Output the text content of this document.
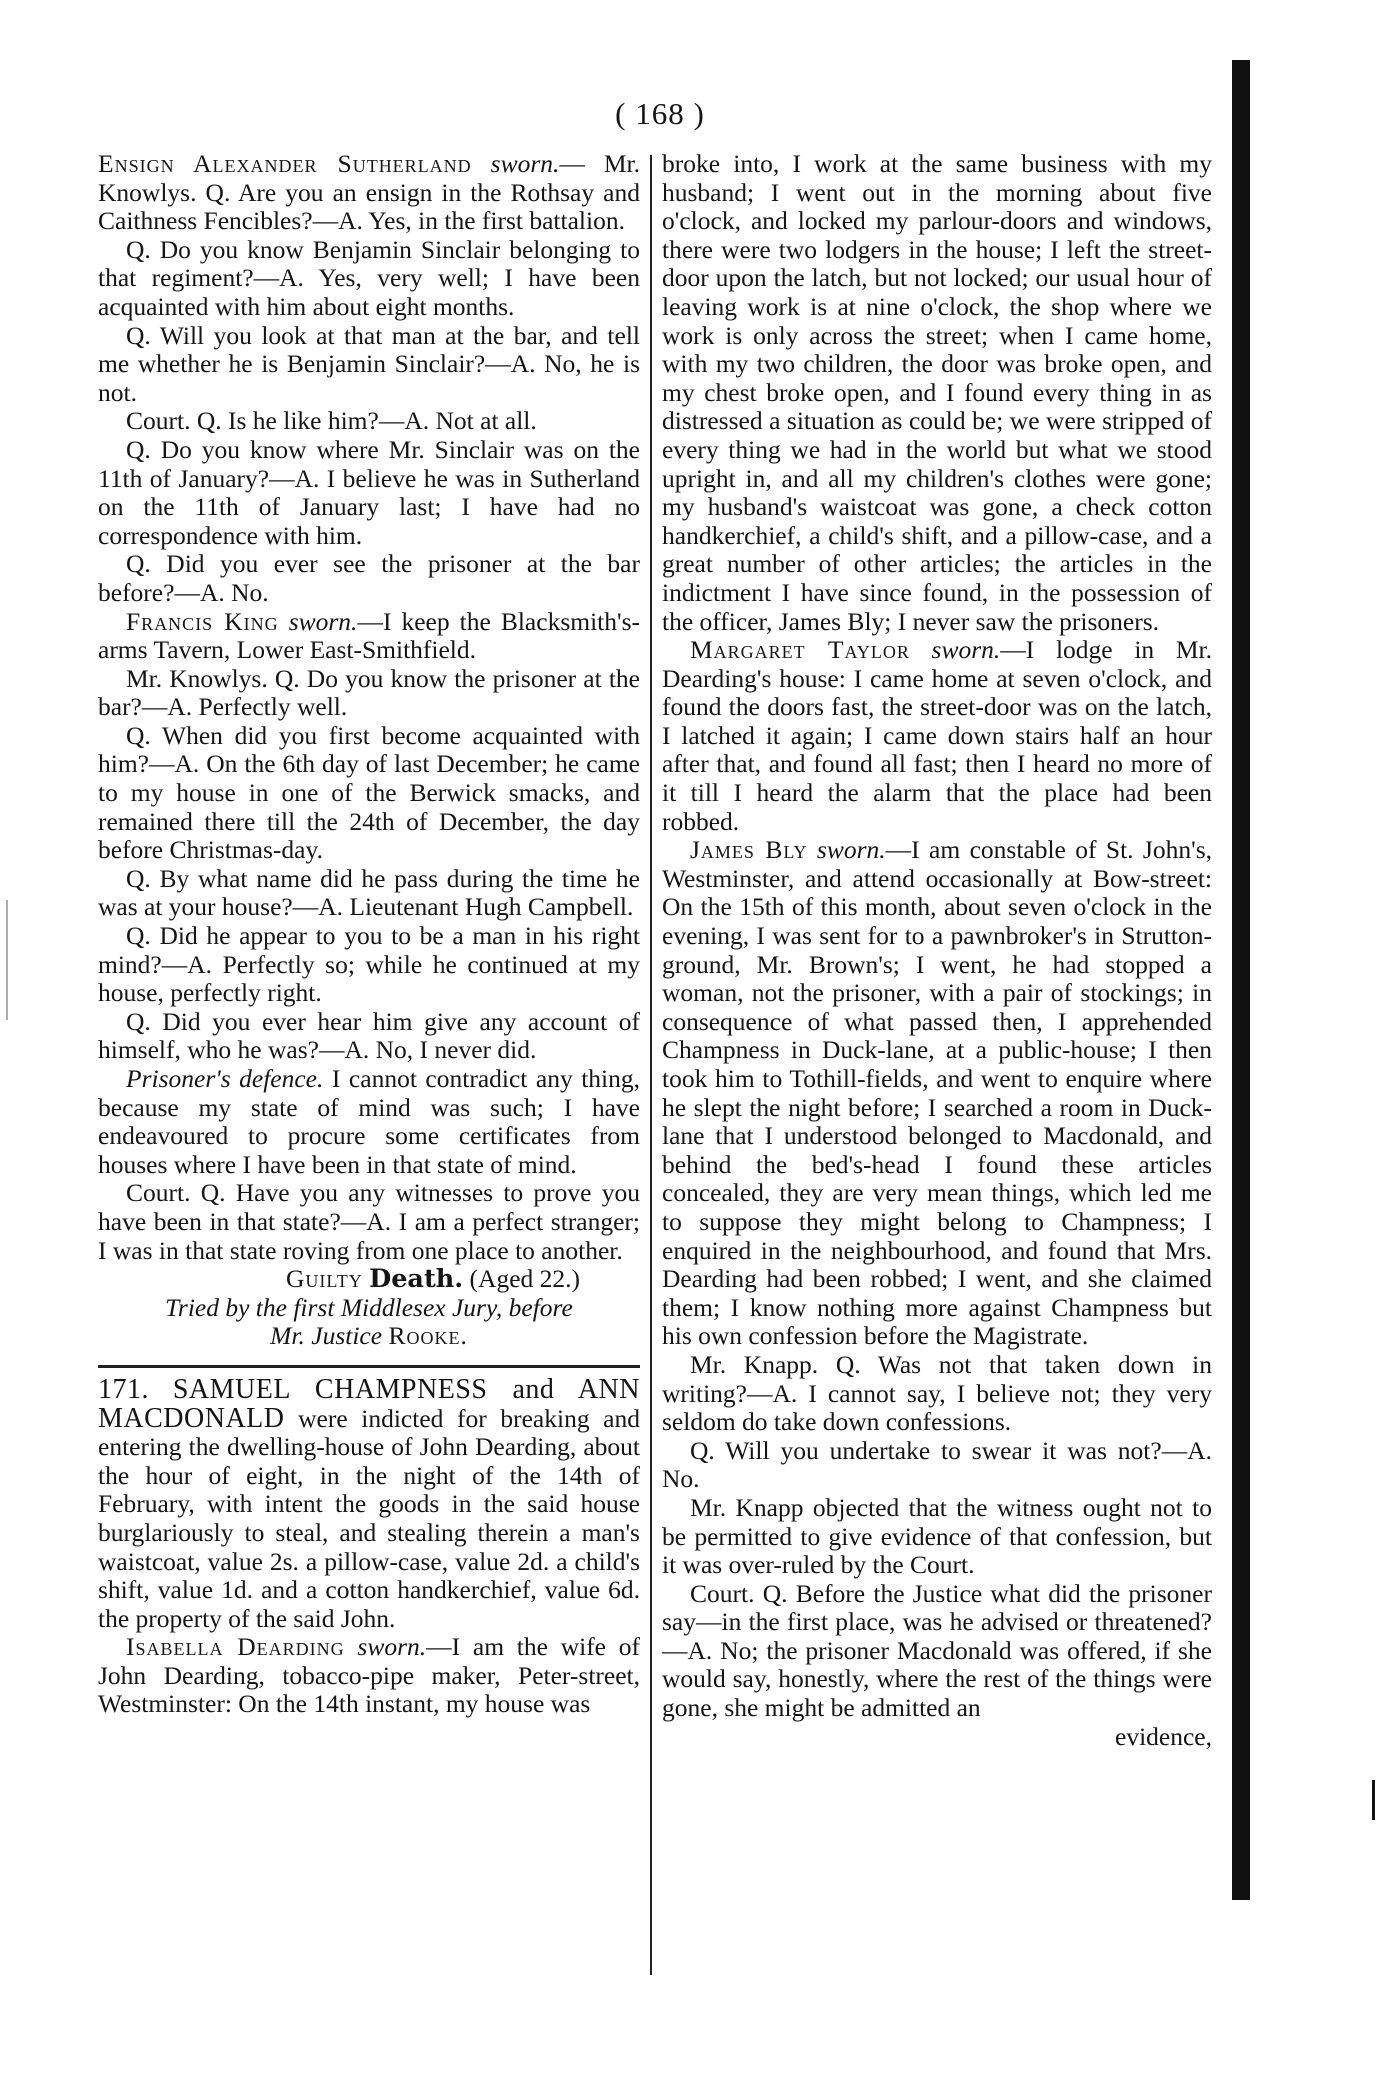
( 168 )

Ensign Alexander Sutherland sworn.— Mr. Knowlys. Q. Are you an ensign in the Rothsay and Caithness Fencibles?—A. Yes, in the first battalion.

Q. Do you know Benjamin Sinclair belonging to that regiment?—A. Yes, very well; I have been acquainted with him about eight months.

Q. Will you look at that man at the bar, and tell me whether he is Benjamin Sinclair?—A. No, he is not.

Court. Q. Is he like him?—A. Not at all.

Q. Do you know where Mr. Sinclair was on the 11th of January?—A. I believe he was in Sutherland on the 11th of January last; I have had no correspondence with him.

Q. Did you ever see the prisoner at the bar before?—A. No.

Francis King sworn.—I keep the Blacksmith's-arms Tavern, Lower East-Smithfield.

Mr. Knowlys. Q. Do you know the prisoner at the bar?—A. Perfectly well.

Q. When did you first become acquainted with him?—A. On the 6th day of last December; he came to my house in one of the Berwick smacks, and remained there till the 24th of December, the day before Christmas-day.

Q. By what name did he pass during the time he was at your house?—A. Lieutenant Hugh Campbell.

Q. Did he appear to you to be a man in his right mind?—A. Perfectly so; while he continued at my house, perfectly right.

Q. Did you ever hear him give any account of himself, who he was?—A. No, I never did.

Prisoner's defence. I cannot contradict any thing, because my state of mind was such; I have endeavoured to procure some certificates from houses where I have been in that state of mind.

Court. Q. Have you any witnesses to prove you have been in that state?—A. I am a perfect stranger; I was in that state roving from one place to another.

Guilty Death. (Aged 22.)

Tried by the first Middlesex Jury, before

Mr. Justice Rooke.

171. SAMUEL CHAMPNESS and ANN MACDONALD were indicted for breaking and entering the dwelling-house of John Dearding, about the hour of eight, in the night of the 14th of February, with intent the goods in the said house burglariously to steal, and stealing therein a man's waistcoat, value 2s. a pillow-case, value 2d. a child's shift, value 1d. and a cotton handkerchief, value 6d. the property of the said John.

Isabella Dearding sworn.—I am the wife of John Dearding, tobacco-pipe maker, Peter-street, Westminster: On the 14th instant, my house was

broke into, I work at the same business with my husband; I went out in the morning about five o'clock, and locked my parlour-doors and windows, there were two lodgers in the house; I left the street-door upon the latch, but not locked; our usual hour of leaving work is at nine o'clock, the shop where we work is only across the street; when I came home, with my two children, the door was broke open, and my chest broke open, and I found every thing in as distressed a situation as could be; we were stripped of every thing we had in the world but what we stood upright in, and all my children's clothes were gone; my husband's waistcoat was gone, a check cotton handkerchief, a child's shift, and a pillow-case, and a great number of other articles; the articles in the indictment I have since found, in the possession of the officer, James Bly; I never saw the prisoners.

Margaret Taylor sworn.—I lodge in Mr. Dearding's house: I came home at seven o'clock, and found the doors fast, the street-door was on the latch, I latched it again; I came down stairs half an hour after that, and found all fast; then I heard no more of it till I heard the alarm that the place had been robbed.

James Bly sworn.—I am constable of St. John's, Westminster, and attend occasionally at Bow-street: On the 15th of this month, about seven o'clock in the evening, I was sent for to a pawnbroker's in Strutton-ground, Mr. Brown's; I went, he had stopped a woman, not the prisoner, with a pair of stockings; in consequence of what passed then, I apprehended Champness in Duck-lane, at a public-house; I then took him to Tothill-fields, and went to enquire where he slept the night before; I searched a room in Duck-lane that I understood belonged to Macdonald, and behind the bed's-head I found these articles concealed, they are very mean things, which led me to suppose they might belong to Champness; I enquired in the neighbourhood, and found that Mrs. Dearding had been robbed; I went, and she claimed them; I know nothing more against Champness but his own confession before the Magistrate.

Mr. Knapp. Q. Was not that taken down in writing?—A. I cannot say, I believe not; they very seldom do take down confessions.

Q. Will you undertake to swear it was not?—A. No.

Mr. Knapp objected that the witness ought not to be permitted to give evidence of that confession, but it was over-ruled by the Court.

Court. Q. Before the Justice what did the prisoner say—in the first place, was he advised or threatened?—A. No; the prisoner Macdonald was offered, if she would say, honestly, where the rest of the things were gone, she might be admitted an

evidence,
